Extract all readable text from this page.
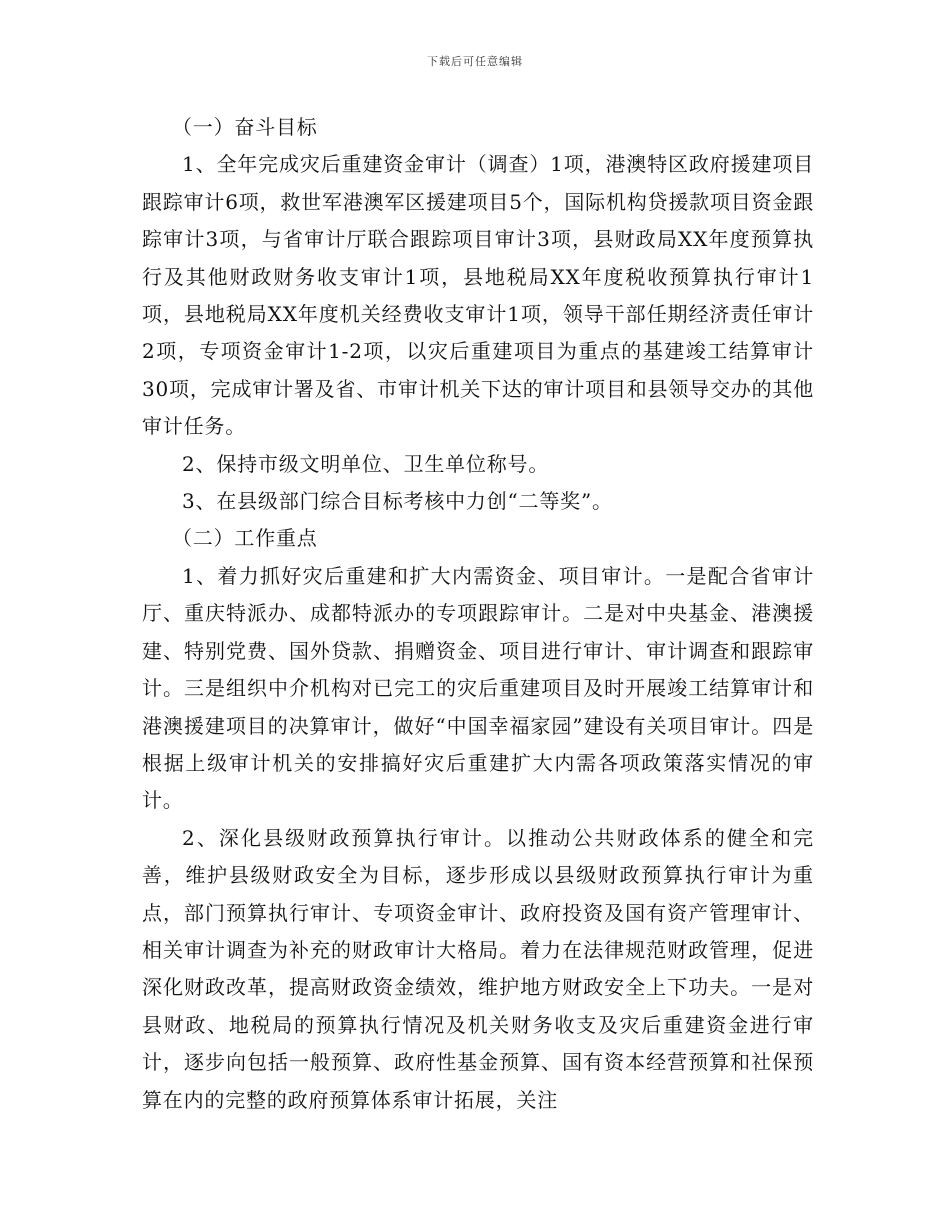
下载后可任意编辑

（一）奋斗目标

1、全年完成灾后重建资金审计（调查）1项，港澳特区政府援建项目跟踪审计6项，救世军港澳军区援建项目5个，国际机构贷援款项目资金跟踪审计3项，与省审计厅联合跟踪项目审计3项，县财政局XX年度预算执行及其他财政财务收支审计1项，县地税局XX年度税收预算执行审计1项，县地税局XX年度机关经费收支审计1项，领导干部任期经济责任审计2项，专项资金审计1-2项，以灾后重建项目为重点的基建竣工结算审计30项，完成审计署及省、市审计机关下达的审计项目和县领导交办的其他审计任务。

2、保持市级文明单位、卫生单位称号。

3、在县级部门综合目标考核中力创“二等奖”。

（二）工作重点

1、着力抓好灾后重建和扩大内需资金、项目审计。一是配合省审计厅、重庆特派办、成都特派办的专项跟踪审计。二是对中央基金、港澳援建、特别党费、国外贷款、捐赠资金、项目进行审计、审计调查和跟踪审计。三是组织中介机构对已完工的灾后重建项目及时开展竣工结算审计和港澳援建项目的决算审计，做好“中国幸福家园”建设有关项目审计。四是根据上级审计机关的安排搞好灾后重建扩大内需各项政策落实情况的审计。

2、深化县级财政预算执行审计。以推动公共财政体系的健全和完善，维护县级财政安全为目标，逐步形成以县级财政预算执行审计为重点，部门预算执行审计、专项资金审计、政府投资及国有资产管理审计、相关审计调查为补充的财政审计大格局。着力在法律规范财政管理，促进深化财政改革，提高财政资金绩效，维护地方财政安全上下功夫。一是对县财政、地税局的预算执行情况及机关财务收支及灾后重建资金进行审计，逐步向包括一般预算、政府性基金预算、国有资本经营预算和社保预算在内的完整的政府预算体系审计拓展，关注
